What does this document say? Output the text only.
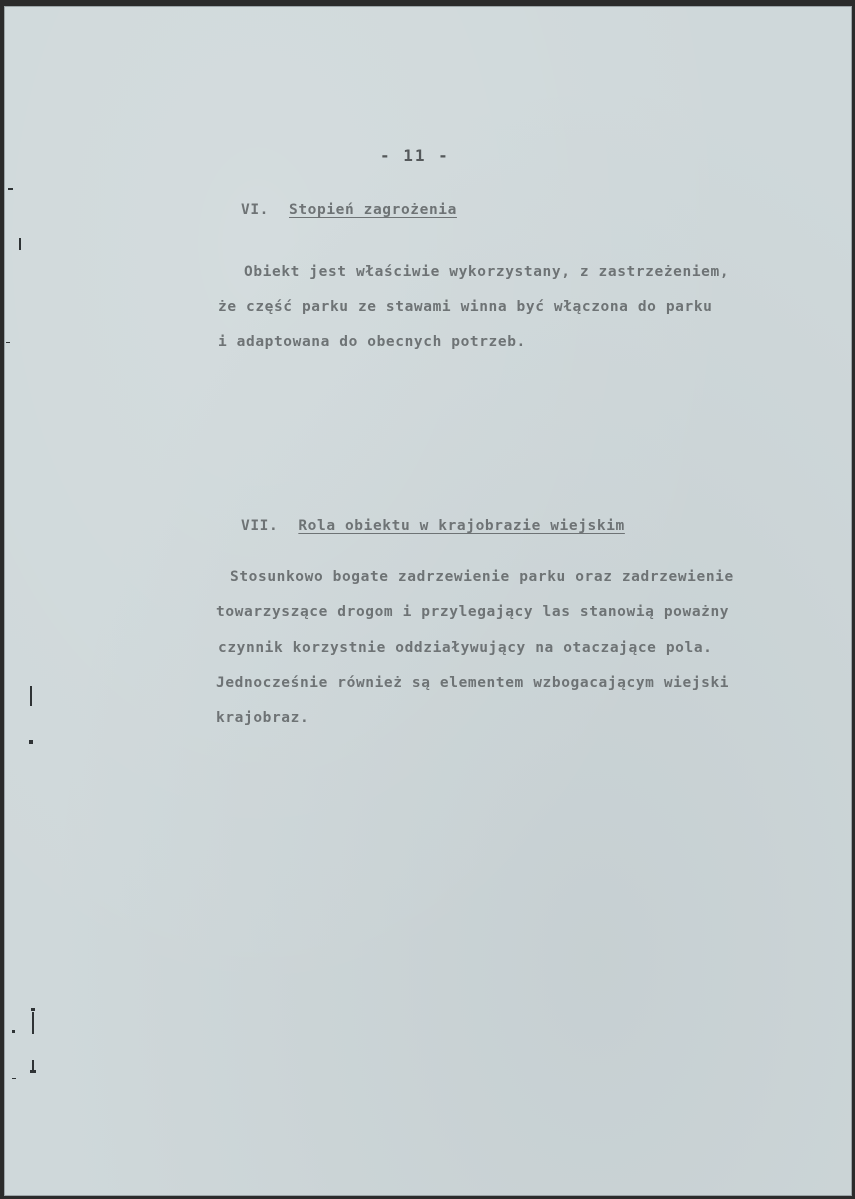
- 11 -
VI. Stopień zagrożenia
Obiekt jest właściwie wykorzystany, z zastrzeżeniem,
że część parku ze stawami winna być włączona do parku
i adaptowana do obecnych potrzeb.
VII. Rola obiektu w krajobrazie wiejskim
Stosunkowo bogate zadrzewienie parku oraz zadrzewienie
towarzyszące drogom i przylegający las stanowią poważny
czynnik korzystnie oddziaływujący na otaczające pola.
Jednocześnie również są elementem wzbogacającym wiejski
krajobraz.
